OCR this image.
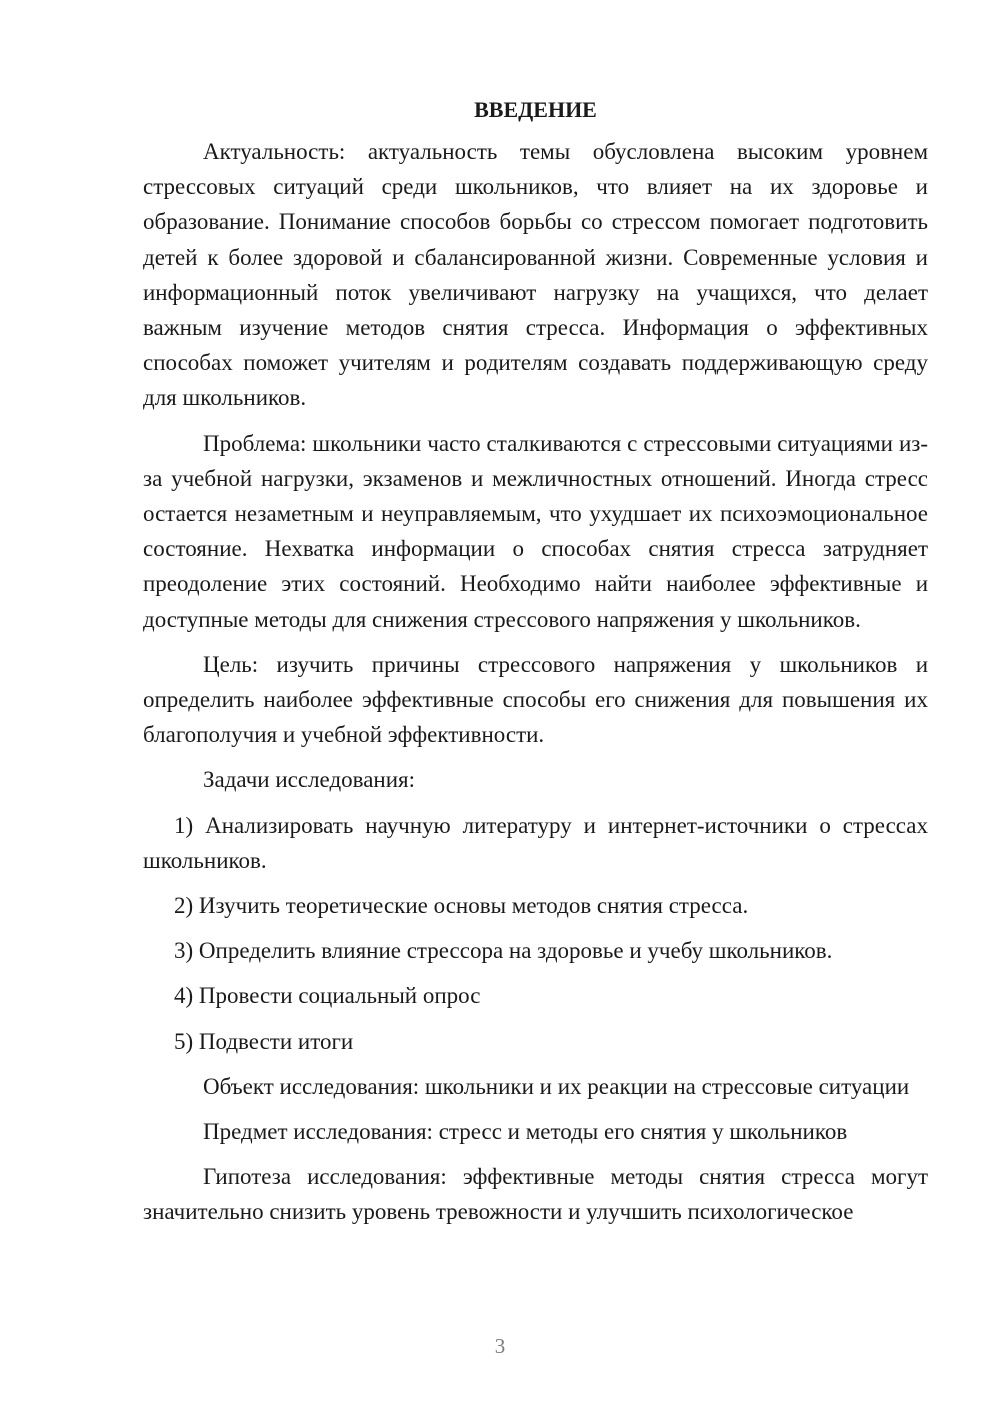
ВВЕДЕНИЕ
Актуальность: актуальность темы обусловлена высоким уровнем стрессовых ситуаций среди школьников, что влияет на их здоровье и образование. Понимание способов борьбы со стрессом помогает подготовить детей к более здоровой и сбалансированной жизни. Современные условия и информационный поток увеличивают нагрузку на учащихся, что делает важным изучение методов снятия стресса. Информация о эффективных способах поможет учителям и родителям создавать поддерживающую среду для школьников.
Проблема: школьники часто сталкиваются с стрессовыми ситуациями из-за учебной нагрузки, экзаменов и межличностных отношений. Иногда стресс остается незаметным и неуправляемым, что ухудшает их психоэмоциональное состояние. Нехватка информации о способах снятия стресса затрудняет преодоление этих состояний. Необходимо найти наиболее эффективные и доступные методы для снижения стрессового напряжения у школьников.
Цель: изучить причины стрессового напряжения у школьников и определить наиболее эффективные способы его снижения для повышения их благополучия и учебной эффективности.
Задачи исследования:
1) Анализировать научную литературу и интернет-источники о стрессах школьников.
2) Изучить теоретические основы методов снятия стресса.
3) Определить влияние стрессора на здоровье и учебу школьников.
4) Провести социальный опрос
5) Подвести итоги
Объект исследования: школьники и их реакции на стрессовые ситуации
Предмет исследования: стресс и методы его снятия у школьников
Гипотеза исследования: эффективные методы снятия стресса могут значительно снизить уровень тревожности и улучшить психологическое
3
